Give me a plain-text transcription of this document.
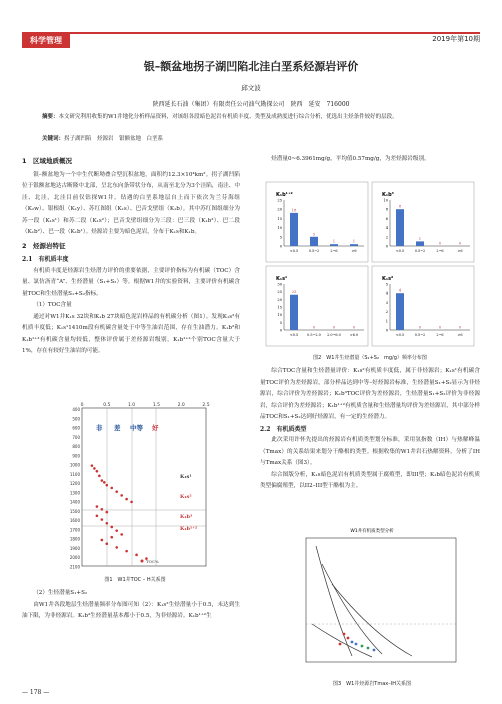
科学管理	2019年第10期
银–额盆地拐子湖凹陷北洼白垩系烃源岩评价
邱文波
陕西延长石油（集团）有限责任公司油气勘探公司　陕西　延安　716000
摘要：本文研究利用收集的W1井地化分析样品资料，对该组各段暗色泥岩有机质丰度、类型及成熟度进行综合分析，优选出主烃条件较好的层段。
关键词：拐子湖凹陷　烃源岩　银额盆地　白垩系
1　区域地质概况

银–额盆地为一个中生代断坳叠合型沉积盆地，面积约12.3×10⁴km²。拐子湖凹陷位于银额盆地达古断隆中北部，呈北东向条带状分布，从南至北分为3个洼陷，南洼、中洼、北洼，北洼目前仅钻探W1井。钻遇的白垩系地层自上而下依次为兰芬海组（K₂w）、银根组（K₁y）、苏红图组（K₁s）、巴音戈壁组（K₁b）。其中苏红图组细分为苏一段（K₁s¹）和苏二段（K₁s²）；巴音戈壁组细分为三段：巴三段（K₁b³）、巴二段（K₁b²）、巴一段（K₁b¹）。烃源岩主要为暗色泥岩，分布于K₁s和K₁b。

2　烃源岩特征
2.1　有机质丰度

有机质丰度是烃源岩生烃潜力评价的重要依据，主要评价指标为有机碳（TOC）含量、氯仿沥青“A”、生烃潜量（S₁+S₂）等。根据W1井的实验资料，主要评价有机碳含量TOC和生烃潜量S₁+S₂指标。

（1）TOC含量

通过对W1井K₁s 32块和K₁b 27块暗色泥岩样品的有机碳分析（图1）。发现K₁s²有机质丰度低；K₁s¹1410m段有机碳含量处于中等生油岩范围，存在生油潜力。K₁b³和K₁b¹⁺²有机碳含量均较低，整体评价属于差烃源岩级别，K₁b¹⁺²个别TOC含量大于1%，存在有较好生油岩的可能。

0	0.5	1.0	1.5	2.0	2.5
400
500
600
700
800
900
1000
1100
1200
1300
1400
1500
1600
1700
1800
1900
2000
2100
非 差 中等 好
K₁s¹
K₁s²
K₁b³
K₁b¹⁺²
TOC%
图1　W1井TOC – H关系图

（2）生烃潜量S₁+S₂

由W1井各段地层生烃潜量频率分布图可知（2）：K₁s²生烃潜量小于0.5，未达到生油下限，为非烃源岩。K₁b³生烃潜量基本都小于0.5，为非烃源岩。K₁b¹⁺²生

烃潜量0~6.3961mg/g，平均值0.57mg/g，为差烃源岩级别。

K₁b¹⁺²
25
20
15
10
5
0
18
<0.5
5
0.5~2
1
2~6
1
>6
K₁b³
10
8
6
4
2
0
8
<0.5
1
0.5~2
0
2~6
0
>6
K₁s¹
30
25
20
15
10
5
0
23
<0.5
0
0.5~2.0
0
2.0~6.0
0
>6.0
K₁s²
5
4
3
2
1
0
4
<0.5
0
0.5~2
0
2~6
0
>6
图2　W1井生烃潜量（S₁+S₂　mg/g）频率分布图

综合TOC含量和生烃潜量评价：K₁s²有机质丰度低，属于非烃源岩；K₁s¹有机碳含量TOC评价为差烃源岩，部分样品达到中等–好烃源岩标准，生烃潜量S₁+S₂显示为非烃源岩，综合评价为差烃源岩；K₁b³TOC评价为差烃源岩，生烃潜量S₁+S₂评价为非烃源岩，综合评价为差烃源岩；K₁b¹⁺²有机质含量和生烃潜量均评价为差烃源岩，其中部分样品TOC和S₁+S₂达到好烃源岩，有一定的生烃潜力。

2.2　有机质类型

此次采用许怀先提出的烃源岩有机质类型划分标准，采用氢指数（IH）与热解峰温（Tmax）的关系结果来划分干酪根的类型。根据收集的W1井岩石热解资料，分析了IH与Tmax关系（图3）。

综合图版分析，K₁s暗色泥岩有机质类型属于腐殖型，即III型；K₁b暗色泥岩有机质类型偏腐殖型，以II2–III型干酪根为主。

W1井有机质类型分析
图3　W1井烃源岩Tmax–IH关系图
— 178 —
